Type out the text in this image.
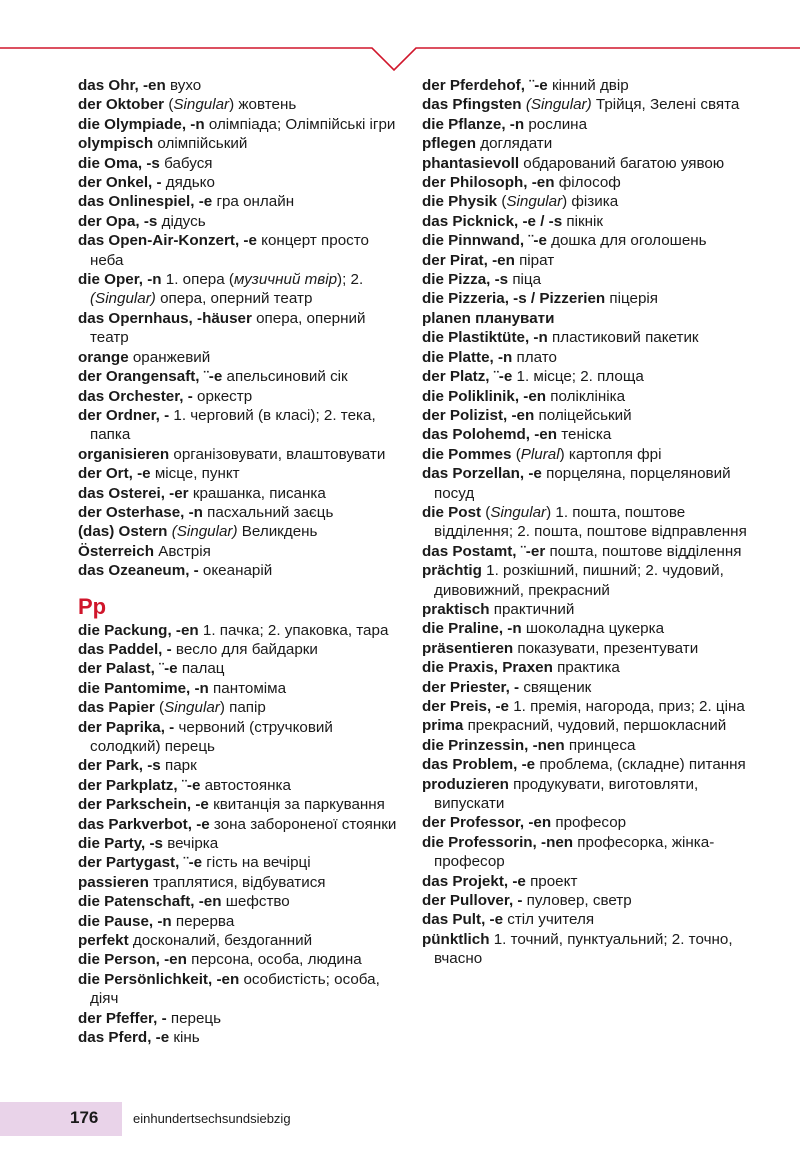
das Ohr, -en вухо

der Oktober (Singular) жовтень

die Olympiade, -n олімпіада; Олімпійські ігри

olympisch олімпійський

die Oma, -s бабуся

der Onkel, - дядько

das Onlinespiel, -e гра онлайн

der Opa, -s дідусь

das Open-Air-Konzert, -e концерт просто неба

die Oper, -n 1. опера (музичний твір); 2. (Singular) опера, оперний театр

das Opernhaus, -häuser опера, оперний театр

orange оранжевий

der Orangensaft, ¨-e апельсиновий сік

das Orchester, - оркестр

der Ordner, - 1. черговий (в класі); 2. тека, папка

organisieren організовувати, влаштовувати

der Ort, -e місце, пункт

das Osterei, -er крашанка, писанка

der Osterhase, -n пасхальний заєць

(das) Ostern (Singular) Великдень

Österreich Австрія

das Ozeaneum, - океанарій

Pp

die Packung, -en 1. пачка; 2. упаковка, тара

das Paddel, - весло для байдарки

der Palast, ¨-e палац

die Pantomime, -n пантоміма

das Papier (Singular) папір

der Paprika, - червоний (стручковий солодкий) перець

der Park, -s парк

der Parkplatz, ¨-e автостоянка

der Parkschein, -e квитанція за паркування

das Parkverbot, -e зона забороненої стоянки

die Party, -s вечірка

der Partygast, ¨-e гість на вечірці

passieren траплятися, відбуватися

die Patenschaft, -en шефство

die Pause, -n перерва

perfekt досконалий, бездоганний

die Person, -en персона, особа, людина

die Persönlichkeit, -en особистість; особа, діяч

der Pfeffer, - перець

das Pferd, -e кінь

der Pferdehof, ¨-e кінний двір

das Pfingsten (Singular) Трійця, Зелені свята

die Pflanze, -n рослина

pflegen доглядати

phantasievoll обдарований багатою уявою

der Philosoph, -en філософ

die Physik (Singular) фізика

das Picknick, -e / -s пікнік

die Pinnwand, ¨-e дошка для оголошень

der Pirat, -en пірат

die Pizza, -s піца

die Pizzeria, -s / Pizzerien піцерія

planen планувати

die Plastiktüte, -n пластиковий пакетик

die Platte, -n плато

der Platz, ¨-e 1. місце; 2. площа

die Poliklinik, -en поліклініка

der Polizist, -en поліцейський

das Polohemd, -en теніска

die Pommes (Plural) картопля фрі

das Porzellan, -e порцеляна, порцеляновий посуд

die Post (Singular) 1. пошта, поштове відділення; 2. пошта, поштове відправлення

das Postamt, ¨-er пошта, поштове відділення

prächtig 1. розкішний, пишний; 2. чудовий, дивовижний, прекрасний

praktisch практичний

die Praline, -n шоколадна цукерка

präsentieren показувати, презентувати

die Praxis, Praxen практика

der Priester, - священик

der Preis, -e 1. премія, нагорода, приз; 2. ціна

prima прекрасний, чудовий, першокласний

die Prinzessin, -nen принцеса

das Problem, -e проблема, (складне) питання

produzieren продукувати, виготовляти, випускати

der Professor, -en професор

die Professorin, -nen професорка, жінка-професор

das Projekt, -e проект

der Pullover, - пуловер, светр

das Pult, -e стіл учителя

pünktlich 1. точний, пунктуальний; 2. точно, вчасно

176	einhundertsechsundsiebzig
